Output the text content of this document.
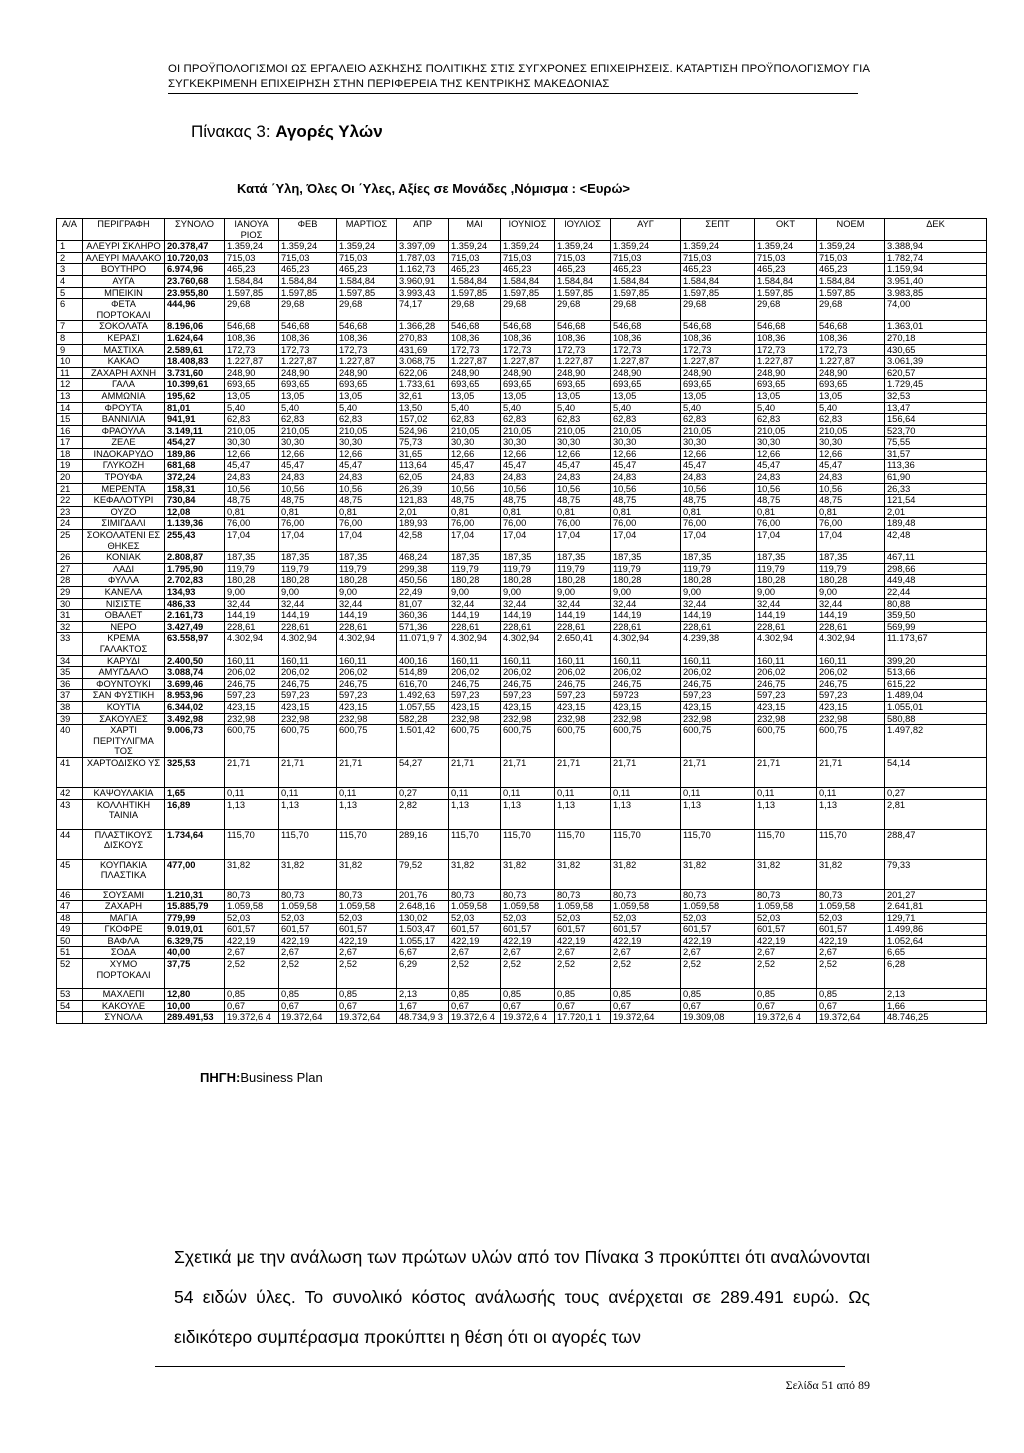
ΟΙ ΠΡΟΫΠΟΛΟΓΙΣΜΟΙ ΩΣ ΕΡΓΑΛΕΙΟ ΑΣΚΗΣΗΣ ΠΟΛΙΤΙΚΗΣ ΣΤΙΣ ΣΥΓΧΡΟΝΕΣ ΕΠΙΧΕΙΡΗΣΕΙΣ. ΚΑΤΑΡΤΙΣΗ ΠΡΟΫΠΟΛΟΓΙΣΜΟΥ ΓΙΑ
ΣΥΓΚΕΚΡΙΜΕΝΗ ΕΠΙΧΕΙΡΗΣΗ ΣΤΗΝ ΠΕΡΙΦΕΡΕΙΑ ΤΗΣ ΚΕΝΤΡΙΚΗΣ ΜΑΚΕΔΟΝΙΑΣ
Πίνακας 3: Αγορές Υλών
Κατά ΄Υλη, Όλες Οι ΄Υλες, Αξίες σε Μονάδες ,Νόμισμα : <Ευρώ>
Α/Α	ΠΕΡΙΓΡΑΦΗ	ΣΥΝΟΛΟ	ΙΑΝΟΥΑ ΡΙΟΣ	ΦΕΒ	ΜΑΡΤΙΟΣ	ΑΠΡ	ΜΑΙ	ΙΟΥΝΙΟΣ	ΙΟΥΛΙΟΣ	ΑΥΓ	ΣΕΠΤ	ΟΚΤ	ΝΟΕΜ	ΔΕΚ
1	ΑΛΕΥΡΙ ΣΚΛΗΡΟ	20.378,47	1.359,24	1.359,24	1.359,24	3.397,09	1.359,24	1.359,24	1.359,24	1.359,24	1.359,24	1.359,24	1.359,24	3.388,94
2	ΑΛΕΥΡΙ ΜΑΛΑΚΟ	10.720,03	715,03	715,03	715,03	1.787,03	715,03	715,03	715,03	715,03	715,03	715,03	715,03	1.782,74
3	ΒΟΥΤΗΡΟ	6.974,96	465,23	465,23	465,23	1.162,73	465,23	465,23	465,23	465,23	465,23	465,23	465,23	1.159,94
4	ΑΥΓΑ	23.760,68	1.584,84	1.584,84	1.584,84	3.960,91	1.584,84	1.584,84	1.584,84	1.584,84	1.584,84	1.584,84	1.584,84	3.951,40
5	ΜΠΕΙΚΙΝ	23.955,80	1.597,85	1.597,85	1.597,85	3.993,43	1.597,85	1.597,85	1.597,85	1.597,85	1.597,85	1.597,85	1.597,85	3.983,85
6	ΦΕΤΑ ΠΟΡΤΟΚΑΛΙ	444,96	29,68	29,68	29,68	74,17	29,68	29,68	29,68	29,68	29,68	29,68	29,68	74,00
7	ΣΟΚΟΛΑΤΑ	8.196,06	546,68	546,68	546,68	1.366,28	546,68	546,68	546,68	546,68	546,68	546,68	546,68	1.363,01
8	ΚΕΡΑΣΙ	1.624,64	108,36	108,36	108,36	270,83	108,36	108,36	108,36	108,36	108,36	108,36	108,36	270,18
9	ΜΑΣΤΙΧΑ	2.589,61	172,73	172,73	172,73	431,69	172,73	172,73	172,73	172,73	172,73	172,73	172,73	430,65
10	ΚΑΚΑΟ	18.408,83	1.227,87	1.227,87	1.227,87	3.068,75	1.227,87	1.227,87	1.227,87	1.227,87	1.227,87	1.227,87	1.227,87	3.061,39
11	ΖΑΧΑΡΗ ΑΧΝΗ	3.731,60	248,90	248,90	248,90	622,06	248,90	248,90	248,90	248,90	248,90	248,90	248,90	620,57
12	ΓΑΛΑ	10.399,61	693,65	693,65	693,65	1.733,61	693,65	693,65	693,65	693,65	693,65	693,65	693,65	1.729,45
13	ΑΜΜΩΝΙΑ	195,62	13,05	13,05	13,05	32,61	13,05	13,05	13,05	13,05	13,05	13,05	13,05	32,53
14	ΦΡΟΥΤΑ	81,01	5,40	5,40	5,40	13,50	5,40	5,40	5,40	5,40	5,40	5,40	5,40	13,47
15	ΒΑΝΝΙΛΙΑ	941,91	62,83	62,83	62,83	157,02	62,83	62,83	62,83	62,83	62,83	62,83	62,83	156,64
16	ΦΡΑΟΥΛΑ	3.149,11	210,05	210,05	210,05	524,96	210,05	210,05	210,05	210,05	210,05	210,05	210,05	523,70
17	ΖΕΛΕ	454,27	30,30	30,30	30,30	75,73	30,30	30,30	30,30	30,30	30,30	30,30	30,30	75,55
18	ΙΝΔΟΚΑΡΥΔΟ	189,86	12,66	12,66	12,66	31,65	12,66	12,66	12,66	12,66	12,66	12,66	12,66	31,57
19	ΓΛΥΚΟΖΗ	681,68	45,47	45,47	45,47	113,64	45,47	45,47	45,47	45,47	45,47	45,47	45,47	113,36
20	ΤΡΟΥΦΑ	372,24	24,83	24,83	24,83	62,05	24,83	24,83	24,83	24,83	24,83	24,83	24,83	61,90
21	ΜΕΡΕΝΤΑ	158,31	10,56	10,56	10,56	26,39	10,56	10,56	10,56	10,56	10,56	10,56	10,56	26,33
22	ΚΕΦΑΛΟΤΥΡΙ	730,84	48,75	48,75	48,75	121,83	48,75	48,75	48,75	48,75	48,75	48,75	48,75	121,54
23	ΟΥΖΟ	12,08	0,81	0,81	0,81	2,01	0,81	0,81	0,81	0,81	0,81	0,81	0,81	2,01
24	ΣΙΜΙΓΔΑΛΙ	1.139,36	76,00	76,00	76,00	189,93	76,00	76,00	76,00	76,00	76,00	76,00	76,00	189,48
25	ΣΟΚΟΛΑΤΕΝΙ ΕΣ ΘΗΚΕΣ	255,43	17,04	17,04	17,04	42,58	17,04	17,04	17,04	17,04	17,04	17,04	17,04	42,48
26	ΚΟΝΙΑΚ	2.808,87	187,35	187,35	187,35	468,24	187,35	187,35	187,35	187,35	187,35	187,35	187,35	467,11
27	ΛΑΔΙ	1.795,90	119,79	119,79	119,79	299,38	119,79	119,79	119,79	119,79	119,79	119,79	119,79	298,66
28	ΦΥΛΛΑ	2.702,83	180,28	180,28	180,28	450,56	180,28	180,28	180,28	180,28	180,28	180,28	180,28	449,48
29	ΚΑΝΕΛΑ	134,93	9,00	9,00	9,00	22,49	9,00	9,00	9,00	9,00	9,00	9,00	9,00	22,44
30	ΝΙΣΙΣΤΕ	486,33	32,44	32,44	32,44	81,07	32,44	32,44	32,44	32,44	32,44	32,44	32,44	80,88
31	ΟΒΑΛΕΤ	2.161,73	144,19	144,19	144,19	360,36	144,19	144,19	144,19	144,19	144,19	144,19	144,19	359,50
32	ΝΕΡΟ	3.427,49	228,61	228,61	228,61	571,36	228,61	228,61	228,61	228,61	228,61	228,61	228,61	569,99
33	ΚΡΕΜΑ ΓΑΛΑΚΤΟΣ	63.558,97	4.302,94	4.302,94	4.302,94	11.071,9 7	4.302,94	4.302,94	2.650,41	4.302,94	4.239,38	4.302,94	4.302,94	11.173,67
34	ΚΑΡΥΔΙ	2.400,50	160,11	160,11	160,11	400,16	160,11	160,11	160,11	160,11	160,11	160,11	160,11	399,20
35	ΑΜΥΓΔΑΛΟ	3.088,74	206,02	206,02	206,02	514,89	206,02	206,02	206,02	206,02	206,02	206,02	206,02	513,66
36	ΦΟΥΝΤΟΥΚΙ	3.699,46	246,75	246,75	246,75	616,70	246,75	246,75	246,75	246,75	246,75	246,75	246,75	615,22
37	ΣΑΝ ΦΥΣΤΙΚΗ	8.953,96	597,23	597,23	597,23	1.492,63	597,23	597,23	597,23	59723	597,23	597,23	597,23	1.489,04
38	ΚΟΥΤΙΑ	6.344,02	423,15	423,15	423,15	1.057,55	423,15	423,15	423,15	423,15	423,15	423,15	423,15	1.055,01
39	ΣΑΚΟΥΛΕΣ	3.492,98	232,98	232,98	232,98	582,28	232,98	232,98	232,98	232,98	232,98	232,98	232,98	580,88
40	ΧΑΡΤΙ ΠΕΡΙΤΥΛΙΓΜΑ ΤΟΣ	9.006,73	600,75	600,75	600,75	1.501,42	600,75	600,75	600,75	600,75	600,75	600,75	600,75	1.497,82
41	ΧΑΡΤΟΔΙΣΚΟ ΥΣ	325,53	21,71	21,71	21,71	54,27	21,71	21,71	21,71	21,71	21,71	21,71	21,71	54,14
42	ΚΑΨΟΥΛΑΚΙΑ	1,65	0,11	0,11	0,11	0,27	0,11	0,11	0,11	0,11	0,11	0,11	0,11	0,27
43	ΚΟΛΛΗΤΙΚΗ ΤΑΙΝΙΑ	16,89	1,13	1,13	1,13	2,82	1,13	1,13	1,13	1,13	1,13	1,13	1,13	2,81
44	ΠΛΑΣΤΙΚΟΥΣ ΔΙΣΚΟΥΣ	1.734,64	115,70	115,70	115,70	289,16	115,70	115,70	115,70	115,70	115,70	115,70	115,70	288,47
45	ΚΟΥΠΑΚΙΑ ΠΛΑΣΤΙΚΑ	477,00	31,82	31,82	31,82	79,52	31,82	31,82	31,82	31,82	31,82	31,82	31,82	79,33
46	ΣΟΥΣΑΜΙ	1.210,31	80,73	80,73	80,73	201,76	80,73	80,73	80,73	80,73	80,73	80,73	80,73	201,27
47	ΖΑΧΑΡΗ	15.885,79	1.059,58	1.059,58	1.059,58	2.648,16	1.059,58	1.059,58	1.059,58	1.059,58	1.059,58	1.059,58	1.059,58	2.641,81
48	ΜΑΓΙΑ	779,99	52,03	52,03	52,03	130,02	52,03	52,03	52,03	52,03	52,03	52,03	52,03	129,71
49	ΓΚΟΦΡΕ	9.019,01	601,57	601,57	601,57	1.503,47	601,57	601,57	601,57	601,57	601,57	601,57	601,57	1.499,86
50	ΒΑΦΛΑ	6.329,75	422,19	422,19	422,19	1.055,17	422,19	422,19	422,19	422,19	422,19	422,19	422,19	1.052,64
51	ΣΟΔΑ	40,00	2,67	2,67	2,67	6,67	2,67	2,67	2,67	2,67	2,67	2,67	2,67	6,65
52	ΧΥΜΟ ΠΟΡΤΟΚΑΛΙ	37,75	2,52	2,52	2,52	6,29	2,52	2,52	2,52	2,52	2,52	2,52	2,52	6,28
53	ΜΑΧΛΕΠΙ	12,80	0,85	0,85	0,85	2,13	0,85	0,85	0,85	0,85	0,85	0,85	0,85	2,13
54	ΚΑΚΟΥΛΕ	10,00	0,67	0,67	0,67	1,67	0,67	0,67	0,67	0,67	0,67	0,67	0,67	1,66
	ΣΥΝΟΛΑ	289.491,53	19.372,6 4	19.372,64	19.372,64	48.734,9 3	19.372,6 4	19.372,6 4	17.720,1 1	19.372,64	19.309,08	19.372,6 4	19.372,64	48.746,25
ΠΗΓΗ:Business Plan
Σχετικά με την ανάλωση των πρώτων υλών από τον Πίνακα 3 προκύπτει ότι αναλώνονται 54 ειδών ύλες. Το συνολικό κόστος ανάλωσής τους ανέρχεται σε 289.491 ευρώ. Ως ειδικότερο συμπέρασμα προκύπτει η θέση ότι οι αγορές των
Σελίδα 51 από 89
